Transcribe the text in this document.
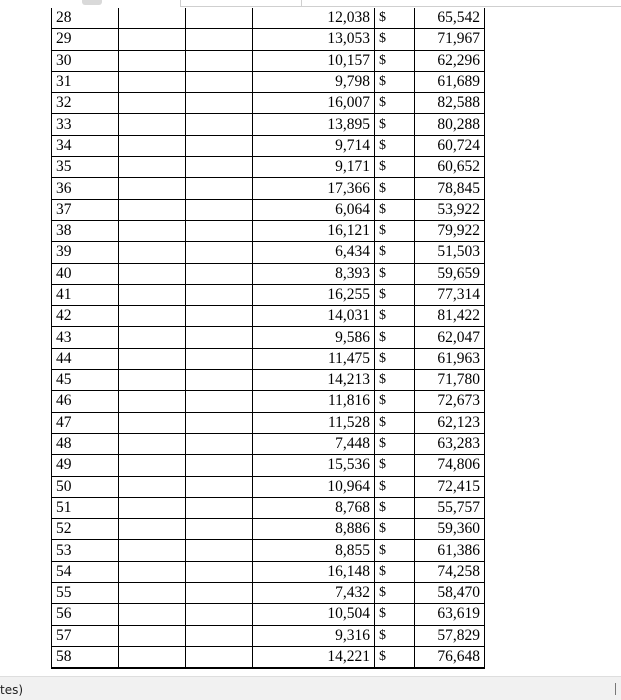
28			12,038	$	65,542
29			13,053	$	71,967
30			10,157	$	62,296
31			9,798	$	61,689
32			16,007	$	82,588
33			13,895	$	80,288
34			9,714	$	60,724
35			9,171	$	60,652
36			17,366	$	78,845
37			6,064	$	53,922
38			16,121	$	79,922
39			6,434	$	51,503
40			8,393	$	59,659
41			16,255	$	77,314
42			14,031	$	81,422
43			9,586	$	62,047
44			11,475	$	61,963
45			14,213	$	71,780
46			11,816	$	72,673
47			11,528	$	62,123
48			7,448	$	63,283
49			15,536	$	74,806
50			10,964	$	72,415
51			8,768	$	55,757
52			8,886	$	59,360
53			8,855	$	61,386
54			16,148	$	74,258
55			7,432	$	58,470
56			10,504	$	63,619
57			9,316	$	57,829
58			14,221	$	76,648
tes)
